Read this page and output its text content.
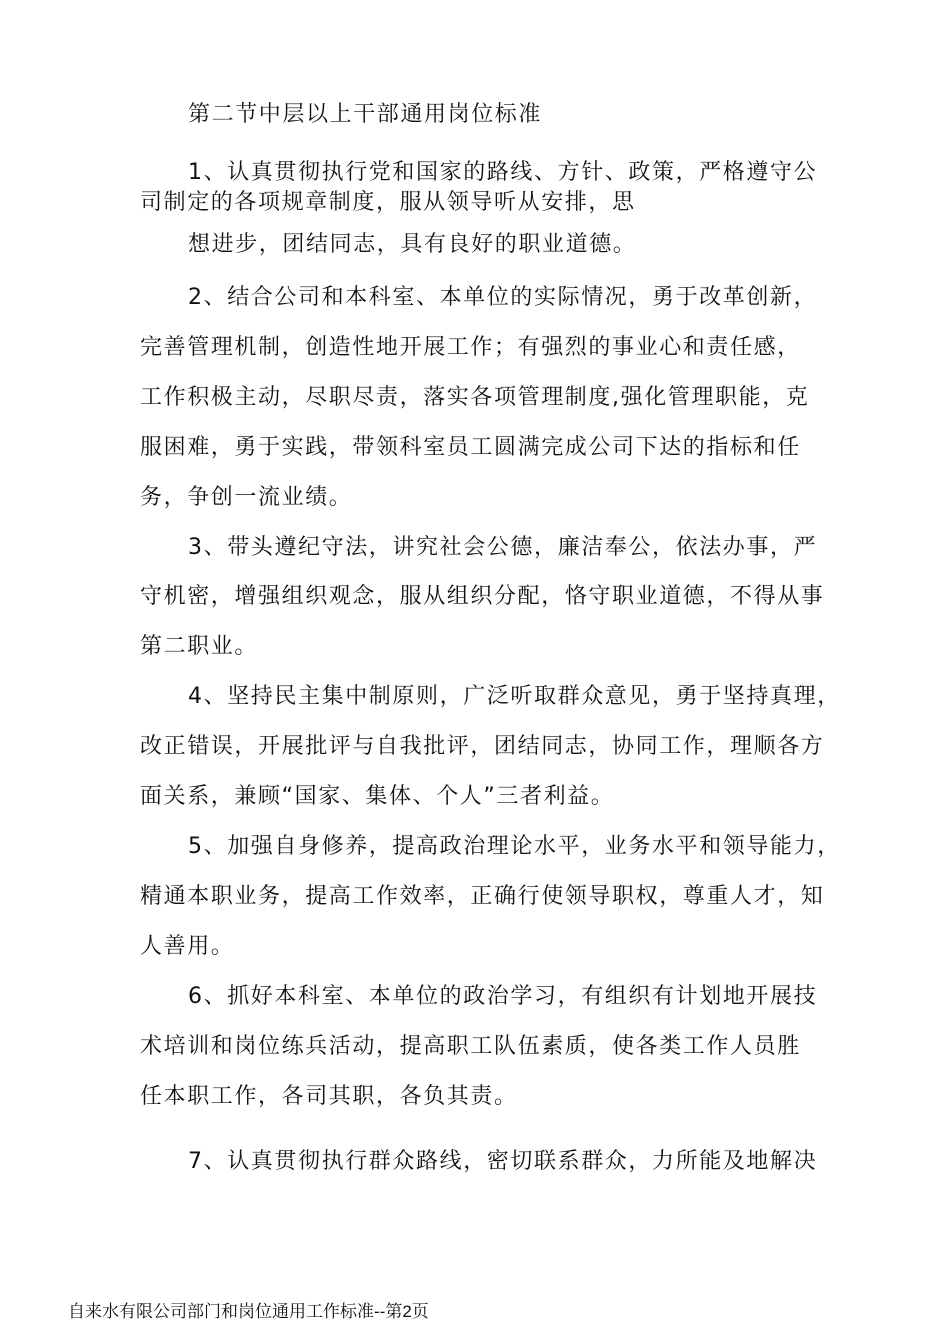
第二节中层以上干部通用岗位标准
1、认真贯彻执行党和国家的路线、方针、政策，严格遵守公
司制定的各项规章制度，服从领导听从安排，思
想进步，团结同志，具有良好的职业道德。
2、结合公司和本科室、本单位的实际情况，勇于改革创新，
完善管理机制，创造性地开展工作；有强烈的事业心和责任感，
工作积极主动，尽职尽责，落实各项管理制度,强化管理职能，克
服困难，勇于实践，带领科室员工圆满完成公司下达的指标和任
务，争创一流业绩。
3、带头遵纪守法，讲究社会公德，廉洁奉公，依法办事，严
守机密，增强组织观念，服从组织分配，恪守职业道德，不得从事
第二职业。
4、坚持民主集中制原则，广泛听取群众意见，勇于坚持真理，
改正错误，开展批评与自我批评，团结同志，协同工作，理顺各方
面关系，兼顾“国家、集体、个人”三者利益。
5、加强自身修养，提高政治理论水平，业务水平和领导能力，
精通本职业务，提高工作效率，正确行使领导职权，尊重人才，知
人善用。
6、抓好本科室、本单位的政治学习，有组织有计划地开展技
术培训和岗位练兵活动，提高职工队伍素质，使各类工作人员胜
任本职工作，各司其职，各负其责。
7、认真贯彻执行群众路线，密切联系群众，力所能及地解决
自来水有限公司部门和岗位通用工作标准--第2页
